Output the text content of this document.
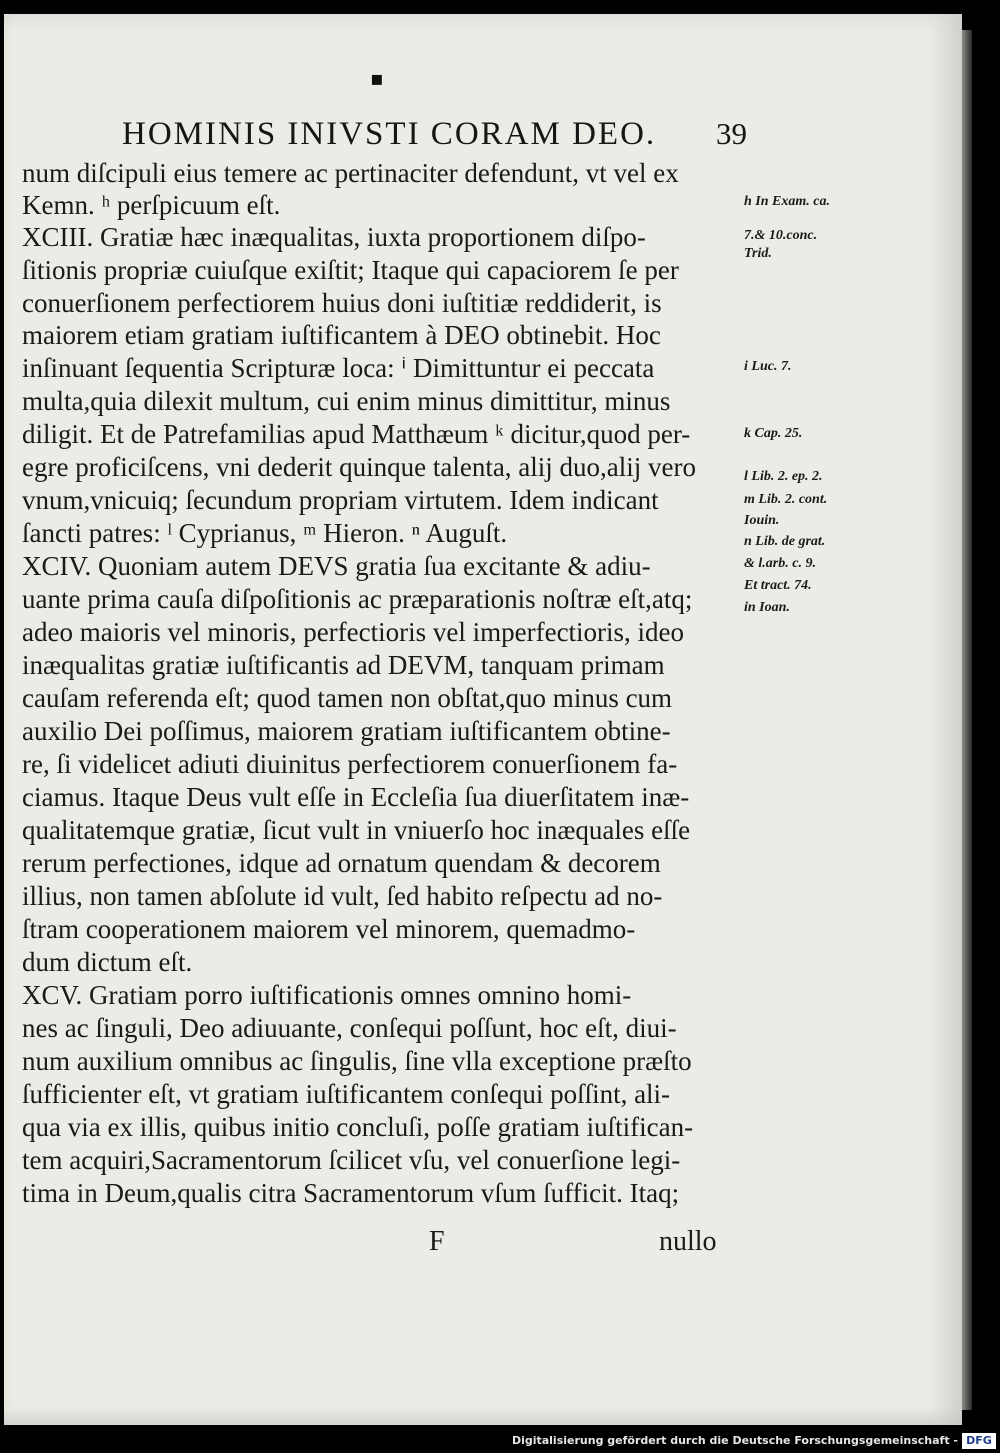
▪
HOMINIS INIVSTI CORAM DEO. 39
num diſcipuli eius temere ac pertinaciter defendunt, vt vel ex
Kemn. ʰ perſpicuum eſt.
XCIII. Gratiæ hæc inæqualitas, iuxta proportionem diſpo-
ſitionis propriæ cuiuſque exiſtit; Itaque qui capaciorem ſe per
conuerſionem perfectiorem huius doni iuſtitiæ reddiderit, is
maiorem etiam gratiam iuſtificantem à DEO obtinebit. Hoc
inſinuant ſequentia Scripturæ loca: ⁱ Dimittuntur ei peccata
multa,quia dilexit multum, cui enim minus dimittitur, minus
diligit. Et de Patrefamilias apud Matthæum ᵏ dicitur,quod per-
egre proficiſcens, vni dederit quinque talenta, alij duo,alij vero
vnum,vnicuiq; ſecundum propriam virtutem. Idem indicant
ſancti patres: ˡ Cyprianus, ᵐ Hieron. ⁿ Auguſt.
XCIV. Quoniam autem DEVS gratia ſua excitante & adiu-
uante prima cauſa diſpoſitionis ac præparationis noſtræ eſt,atq;
adeo maioris vel minoris, perfectioris vel imperfectioris, ideo
inæqualitas gratiæ iuſtificantis ad DEVM, tanquam primam
cauſam referenda eſt; quod tamen non obſtat,quo minus cum
auxilio Dei poſſimus, maiorem gratiam iuſtificantem obtine-
re, ſi videlicet adiuti diuinitus perfectiorem conuerſionem fa-
ciamus. Itaque Deus vult eſſe in Eccleſia ſua diuerſitatem inæ-
qualitatemque gratiæ, ſicut vult in vniuerſo hoc inæquales eſſe
rerum perfectiones, idque ad ornatum quendam & decorem
illius, non tamen abſolute id vult, ſed habito reſpectu ad no-
ſtram cooperationem maiorem vel minorem, quemadmo-
dum dictum eſt.
XCV. Gratiam porro iuſtificationis omnes omnino homi-
nes ac ſinguli, Deo adiuuante, conſequi poſſunt, hoc eſt, diui-
num auxilium omnibus ac ſingulis, ſine vlla exceptione præſto
ſufficienter eſt, vt gratiam iuſtificantem conſequi poſſint, ali-
qua via ex illis, quibus initio concluſi, poſſe gratiam iuſtifican-
tem acquiri,Sacramentorum ſcilicet vſu, vel conuerſione legi-
tima in Deum,qualis citra Sacramentorum vſum ſufficit. Itaq;
h In Exam. ca.
7.& 10.conc.
Trid.
i Luc. 7.
k Cap. 25.
l Lib. 2. ep. 2.
m Lib. 2. cont.
Iouin.
n Lib. de grat.
& l.arb. c. 9.
Et tract. 74.
in Ioan.
F	nullo
Digitalisierung gefördert durch die Deutsche Forschungsgemeinschaft - DFG
